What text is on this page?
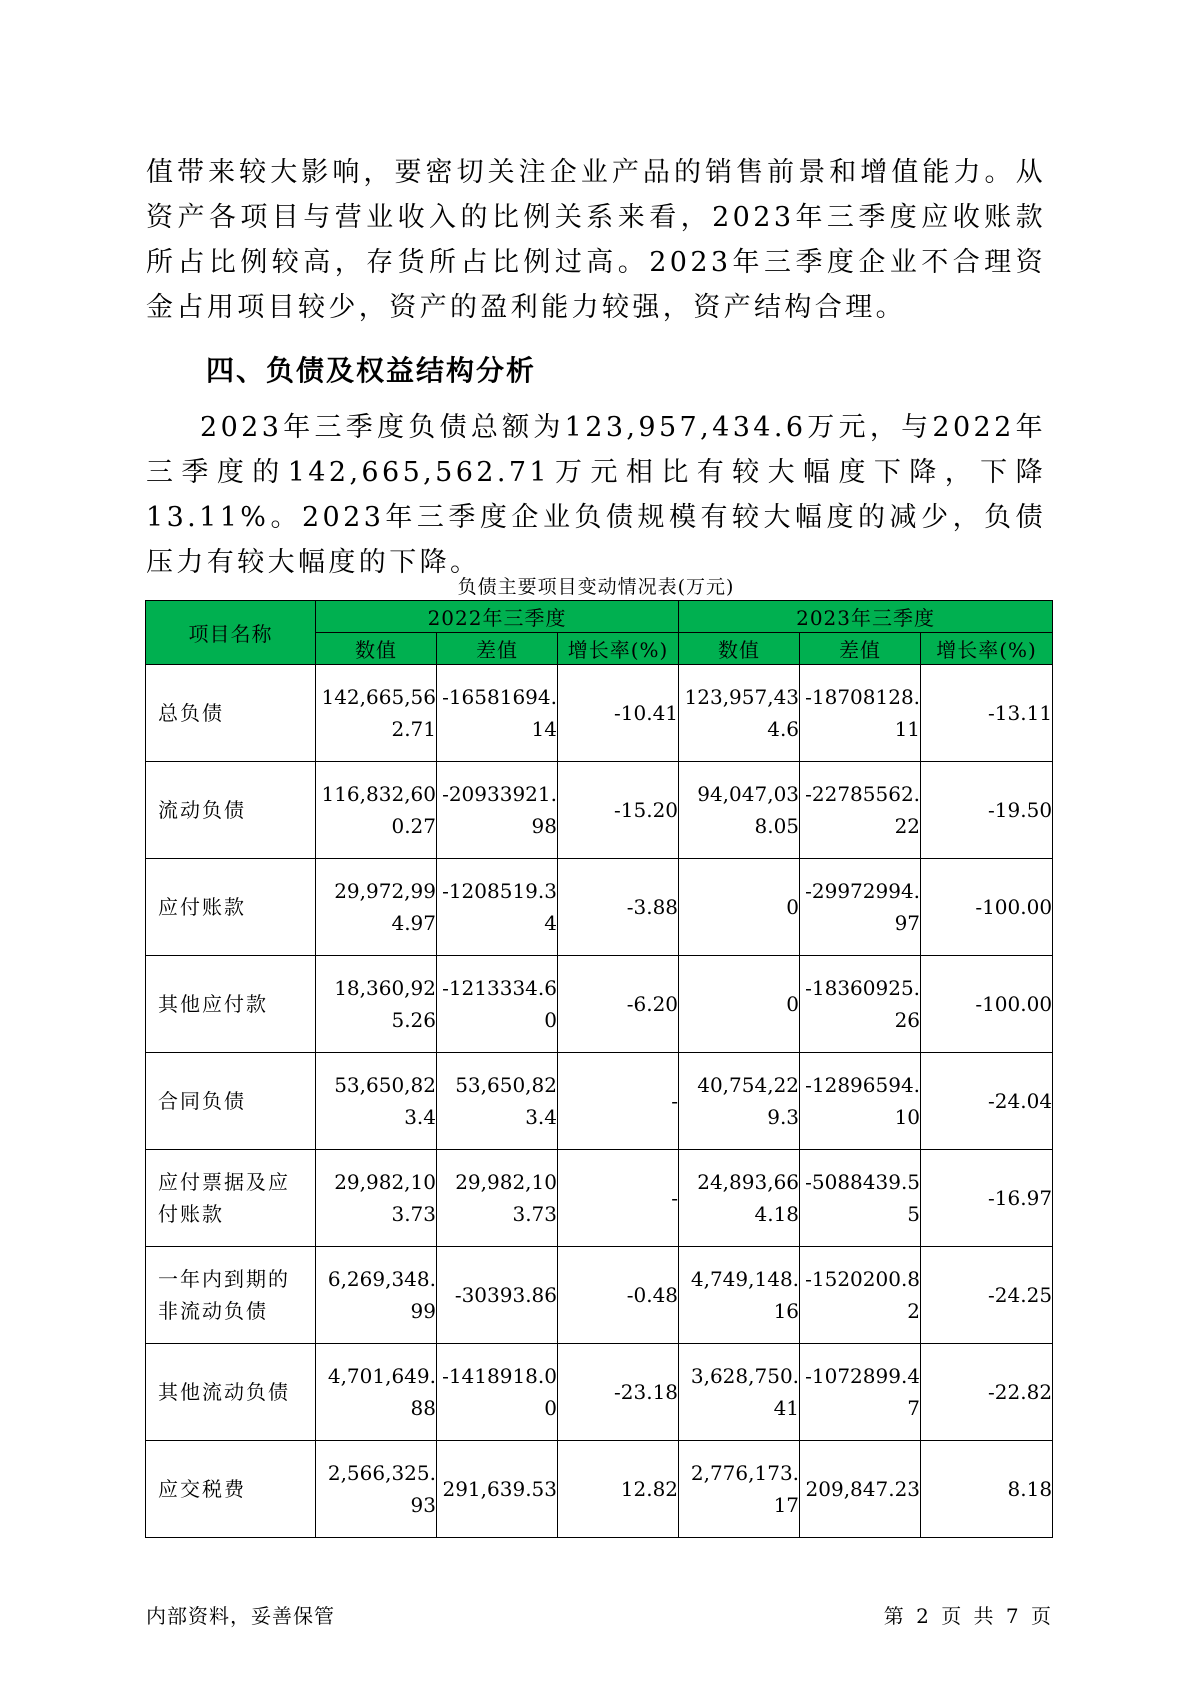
值带来较大影响，要密切关注企业产品的销售前景和增值能力。从资产各项目与营业收入的比例关系来看，2023年三季度应收账款所占比例较高，存货所占比例过高。2023年三季度企业不合理资金占用项目较少，资产的盈利能力较强，资产结构合理。

四、负债及权益结构分析

2023年三季度负债总额为123,957,434.6万元，与2022年三季度的142,665,562.71万元相比有较大幅度下降，下降13.11%。2023年三季度企业负债规模有较大幅度的减少，负债压力有较大幅度的下降。

负债主要项目变动情况表(万元)
项目名称	2022年三季度			2023年三季度		
	数值	差值	增长率(%)	数值	差值	增长率(%)
总负债	142,665,562.71	-16581694.14	-10.41	123,957,434.6	-18708128.11	-13.11
流动负债	116,832,600.27	-20933921.98	-15.20	94,047,038.05	-22785562.22	-19.50
应付账款	29,972,994.97	-1208519.34	-3.88	0	-29972994.97	-100.00
其他应付款	18,360,925.26	-1213334.60	-6.20	0	-18360925.26	-100.00
合同负债	53,650,823.4	53,650,823.4	-	40,754,229.3	-12896594.10	-24.04
应付票据及应付账款	29,982,103.73	29,982,103.73	-	24,893,664.18	-5088439.55	-16.97
一年内到期的非流动负债	6,269,348.99	-30393.86	-0.48	4,749,148.16	-1520200.82	-24.25
其他流动负债	4,701,649.88	-1418918.00	-23.18	3,628,750.41	-1072899.47	-22.82
应交税费	2,566,325.93	291,639.53	12.82	2,776,173.17	209,847.23	8.18
内部资料，妥善保管	第 2 页 共 7 页
